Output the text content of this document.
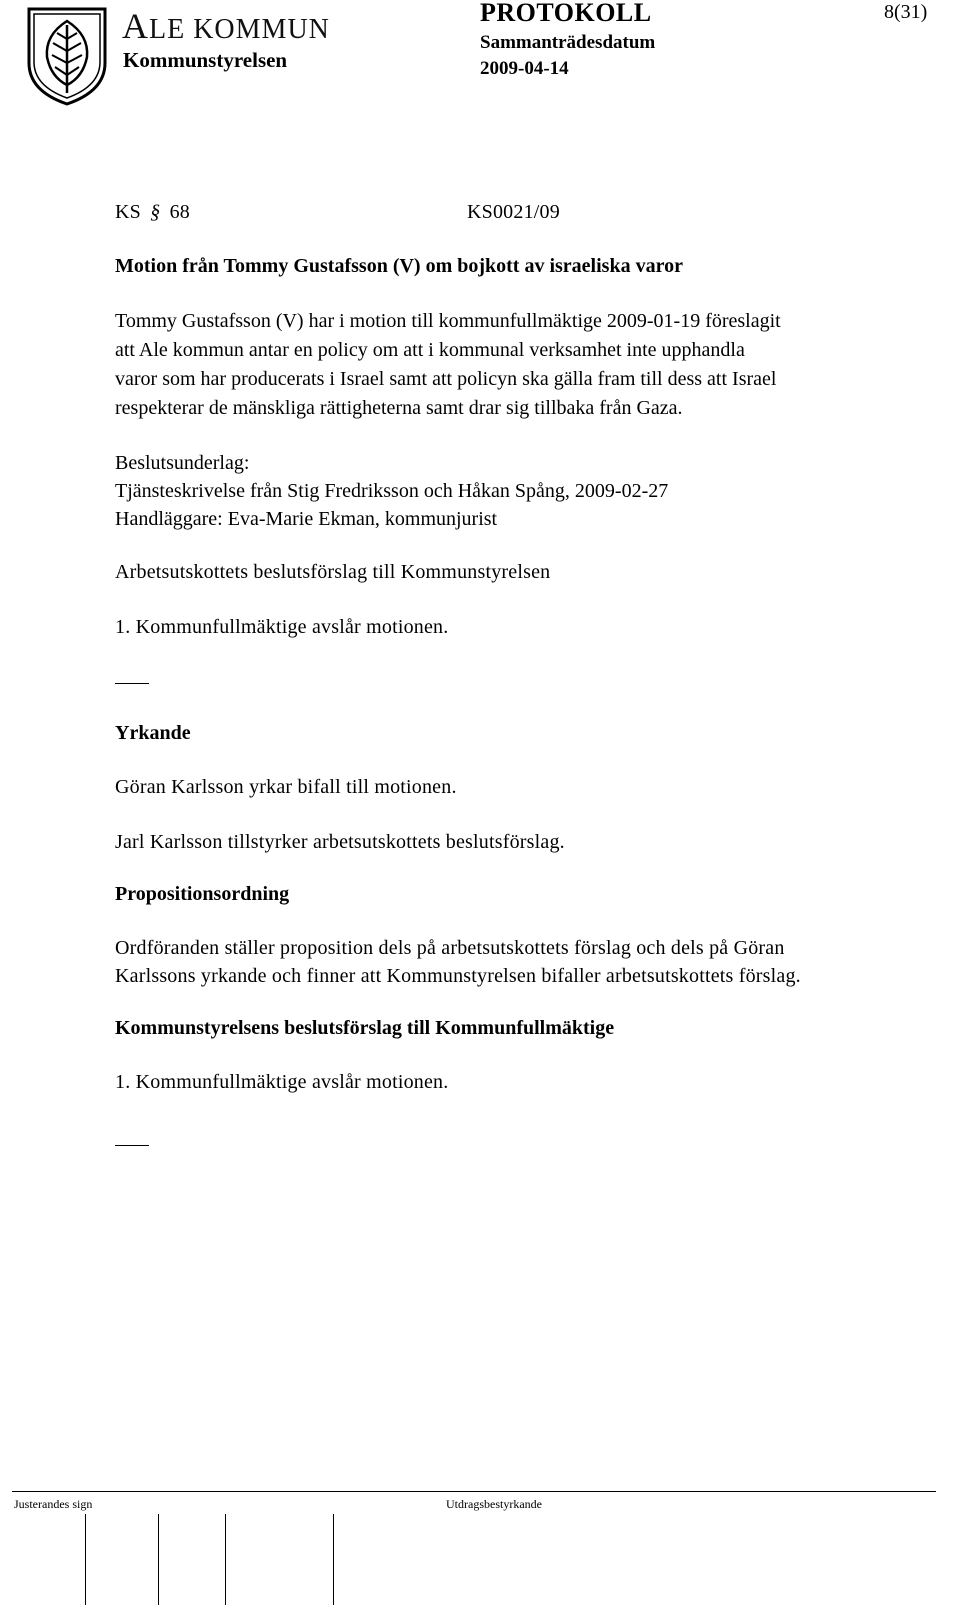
ALE KOMMUN
Kommunstyrelsen
PROTOKOLL	8(31)
Sammanträdesdatum
2009-04-14
KS § 68	KS0021/09
Motion från Tommy Gustafsson (V) om bojkott av israeliska varor
Tommy Gustafsson (V) har i motion till kommunfullmäktige 2009-01-19 föreslagit
att Ale kommun antar en policy om att i kommunal verksamhet inte upphandla
varor som har producerats i Israel samt att policyn ska gälla fram till dess att Israel
respekterar de mänskliga rättigheterna samt drar sig tillbaka från Gaza.
Beslutsunderlag:
Tjänsteskrivelse från Stig Fredriksson och Håkan Spång, 2009-02-27
Handläggare: Eva-Marie Ekman, kommunjurist
Arbetsutskottets beslutsförslag till Kommunstyrelsen
1. Kommunfullmäktige avslår motionen.
Yrkande
Göran Karlsson yrkar bifall till motionen.
Jarl Karlsson tillstyrker arbetsutskottets beslutsförslag.
Propositionsordning
Ordföranden ställer proposition dels på arbetsutskottets förslag och dels på Göran
Karlssons yrkande och finner att Kommunstyrelsen bifaller arbetsutskottets förslag.
Kommunstyrelsens beslutsförslag till Kommunfullmäktige
1. Kommunfullmäktige avslår motionen.
Justerandes sign	Utdragsbestyrkande
